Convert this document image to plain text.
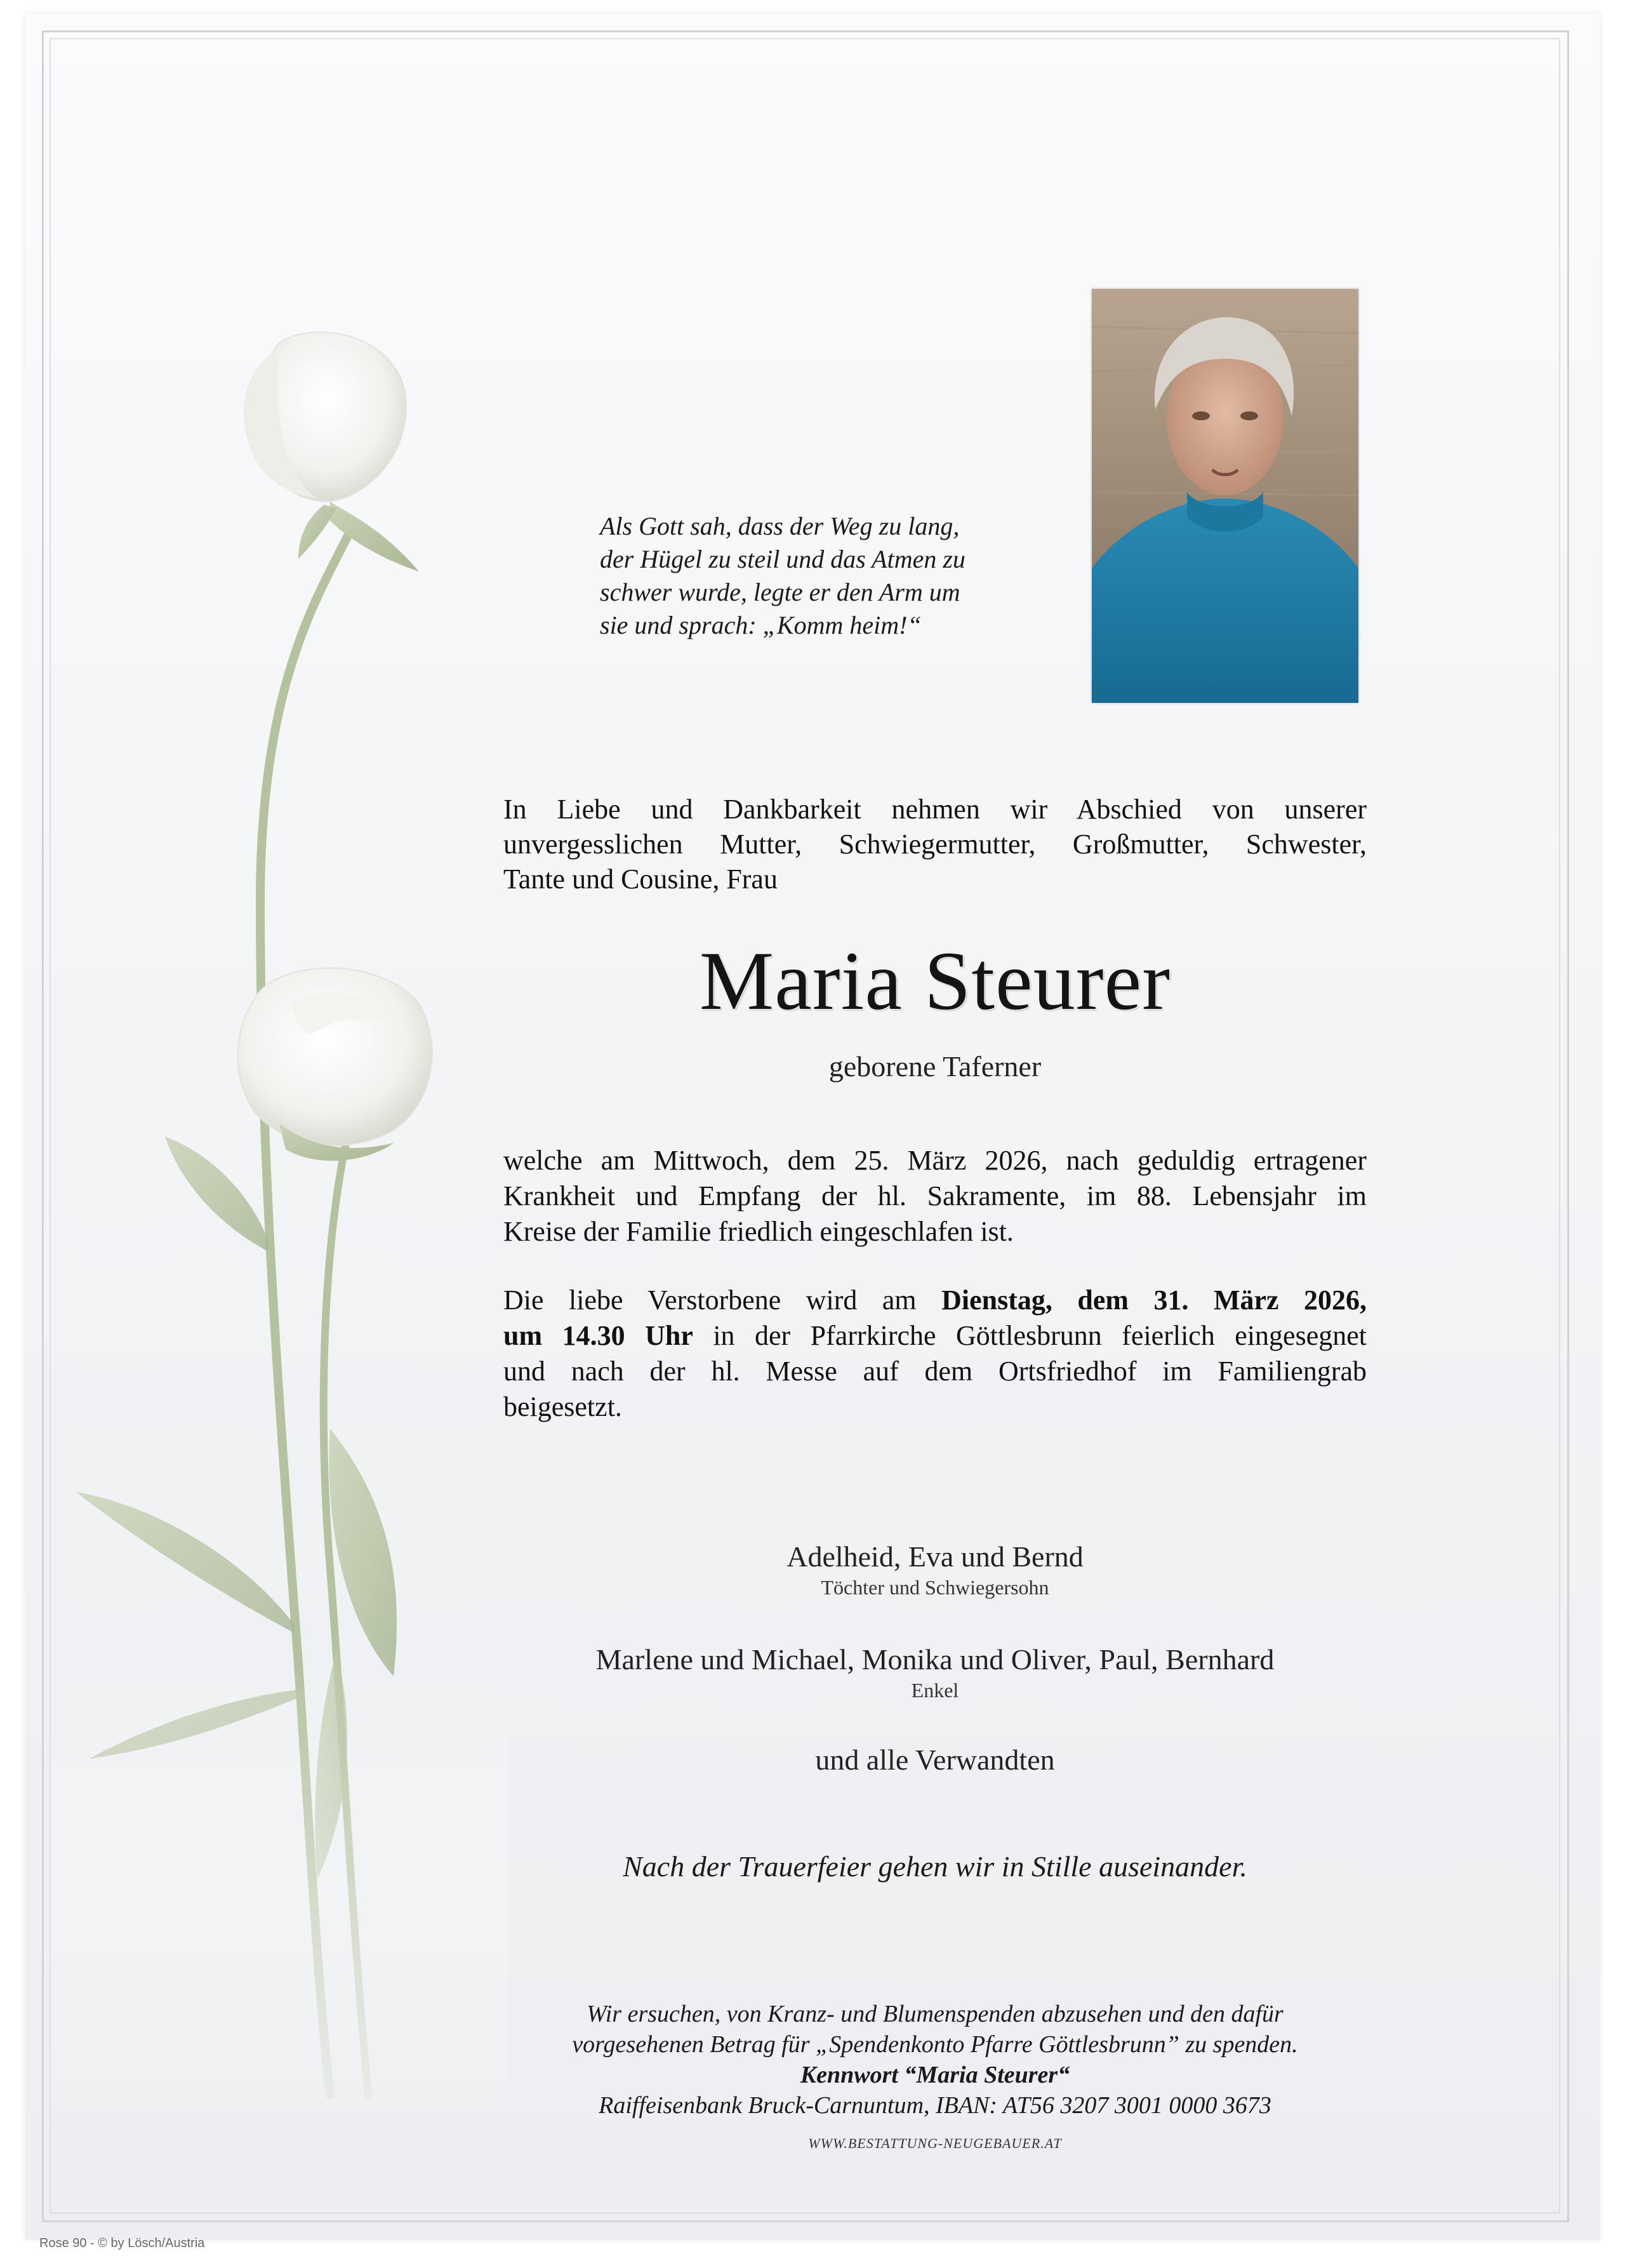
Als Gott sah, dass der Weg zu lang,
der Hügel zu steil und das Atmen zu
schwer wurde, legte er den Arm um
sie und sprach: „Komm heim!“
In Liebe und Dankbarkeit nehmen wir Abschied von unserer
unvergesslichen Mutter, Schwiegermutter, Großmutter, Schwester,
Tante und Cousine, Frau
Maria Steurer
geborene Taferner
welche am Mittwoch, dem 25. März 2026, nach geduldig ertragener
Krankheit und Empfang der hl. Sakramente, im 88. Lebensjahr im
Kreise der Familie friedlich eingeschlafen ist.
Die liebe Verstorbene wird am Dienstag, dem 31. März 2026,
um 14.30 Uhr in der Pfarrkirche Göttlesbrunn feierlich eingesegnet
und nach der hl. Messe auf dem Ortsfriedhof im Familiengrab
beigesetzt.
Adelheid, Eva und Bernd
Töchter und Schwiegersohn
Marlene und Michael, Monika und Oliver, Paul, Bernhard
Enkel
und alle Verwandten
Nach der Trauerfeier gehen wir in Stille auseinander.
Wir ersuchen, von Kranz- und Blumenspenden abzusehen und den dafür
vorgesehenen Betrag für „Spendenkonto Pfarre Göttlesbrunn” zu spenden.
Kennwort “Maria Steurer“
Raiffeisenbank Bruck-Carnuntum, IBAN: AT56 3207 3001 0000 3673
WWW.BESTATTUNG-NEUGEBAUER.AT
Rose 90 - © by Lösch/Austria
